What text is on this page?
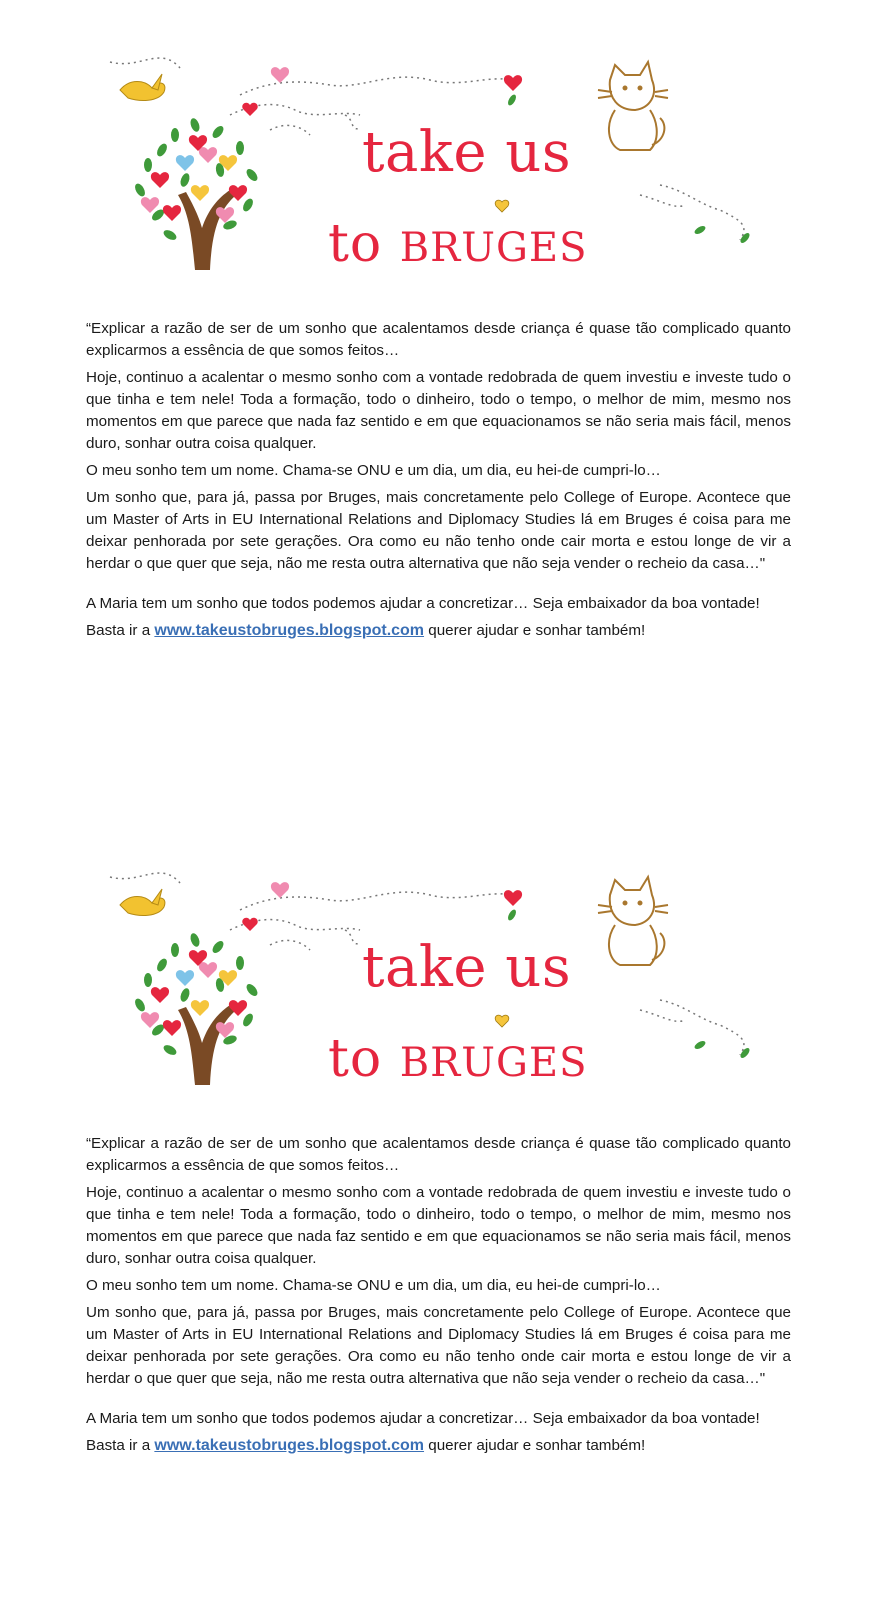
take us
to BRUGES

“Explicar a razão de ser de um sonho que acalentamos desde criança é quase tão complicado quanto explicarmos a essência de que somos feitos…

Hoje, continuo a acalentar o mesmo sonho com a vontade redobrada de quem investiu e investe tudo o que tinha e tem nele! Toda a formação, todo o dinheiro, todo o tempo, o melhor de mim, mesmo nos momentos em que parece que nada faz sentido e em que equacionamos se não seria mais fácil, menos duro, sonhar outra coisa qualquer.

O meu sonho tem um nome. Chama-se ONU e um dia, um dia, eu hei-de cumpri-lo…

Um sonho que, para já, passa por Bruges, mais concretamente pelo College of Europe. Acontece que um Master of Arts in EU International Relations and Diplomacy Studies lá em Bruges é coisa para me deixar penhorada por sete gerações. Ora como eu não tenho onde cair morta e estou longe de vir a herdar o que quer que seja, não me resta outra alternativa que não seja vender o recheio da casa…"

A Maria tem um sonho que todos podemos ajudar a concretizar… Seja embaixador da boa vontade!

Basta ir a www.takeustobruges.blogspot.com querer ajudar e sonhar também!

take us
to BRUGES

“Explicar a razão de ser de um sonho que acalentamos desde criança é quase tão complicado quanto explicarmos a essência de que somos feitos…

Hoje, continuo a acalentar o mesmo sonho com a vontade redobrada de quem investiu e investe tudo o que tinha e tem nele! Toda a formação, todo o dinheiro, todo o tempo, o melhor de mim, mesmo nos momentos em que parece que nada faz sentido e em que equacionamos se não seria mais fácil, menos duro, sonhar outra coisa qualquer.

O meu sonho tem um nome. Chama-se ONU e um dia, um dia, eu hei-de cumpri-lo…

Um sonho que, para já, passa por Bruges, mais concretamente pelo College of Europe. Acontece que um Master of Arts in EU International Relations and Diplomacy Studies lá em Bruges é coisa para me deixar penhorada por sete gerações. Ora como eu não tenho onde cair morta e estou longe de vir a herdar o que quer que seja, não me resta outra alternativa que não seja vender o recheio da casa…"

A Maria tem um sonho que todos podemos ajudar a concretizar… Seja embaixador da boa vontade!

Basta ir a www.takeustobruges.blogspot.com querer ajudar e sonhar também!
